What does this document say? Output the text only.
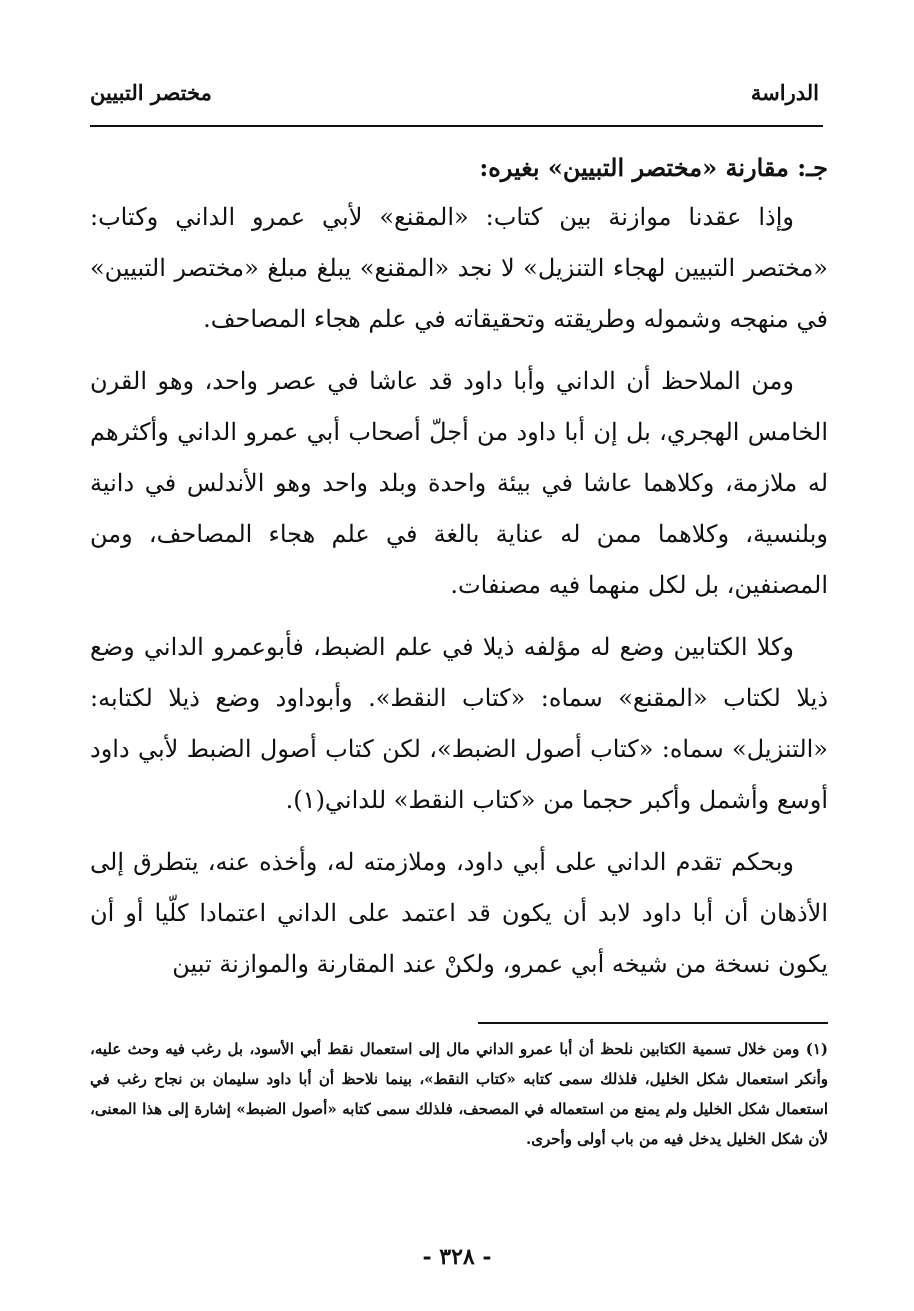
الدراسة
مختصر التبيين
جـ: مقارنة «مختصر التبيين» بغيره:

وإذا عقدنا موازنة بين كتاب: «المقنع» لأبي عمرو الداني وكتاب: «مختصر التبيين لهجاء التنزيل» لا نجد «المقنع» يبلغ مبلغ «مختصر التبيين» في منهجه وشموله وطريقته وتحقيقاته في علم هجاء المصاحف.

ومن الملاحظ أن الداني وأبا داود قد عاشا في عصر واحد، وهو القرن الخامس الهجري، بل إن أبا داود من أجلّ أصحاب أبي عمرو الداني وأكثرهم له ملازمة، وكلاهما عاشا في بيئة واحدة وبلد واحد وهو الأندلس في دانية وبلنسية، وكلاهما ممن له عناية بالغة في علم هجاء المصاحف، ومن المصنفين، بل لكل منهما فيه مصنفات.

وكلا الكتابين وضع له مؤلفه ذيلا في علم الضبط، فأبوعمرو الداني وضع ذيلا لكتاب «المقنع» سماه: «كتاب النقط». وأبوداود وضع ذيلا لكتابه: «التنزيل» سماه: «كتاب أصول الضبط»، لكن كتاب أصول الضبط لأبي داود أوسع وأشمل وأكبر حجما من «كتاب النقط» للداني(١).

وبحكم تقدم الداني على أبي داود، وملازمته له، وأخذه عنه، يتطرق إلى الأذهان أن أبا داود لابد أن يكون قد اعتمد على الداني اعتمادا كلّيا أو أن يكون نسخة من شيخه أبي عمرو، ولكنْ عند المقارنة والموازنة تبين

(١) ومن خلال تسمية الكتابين نلحظ أن أبا عمرو الداني مال إلى استعمال نقط أبي الأسود، بل رغب فيه وحث عليه، وأنكر استعمال شكل الخليل، فلذلك سمى كتابه «كتاب النقط»، بينما نلاحظ أن أبا داود سليمان بن نجاح رغب في استعمال شكل الخليل ولم يمنع من استعماله في المصحف، فلذلك سمى كتابه «أصول الضبط» إشارة إلى هذا المعنى، لأن شكل الخليل يدخل فيه من باب أولى وأحرى.
- ٣٢٨ -
